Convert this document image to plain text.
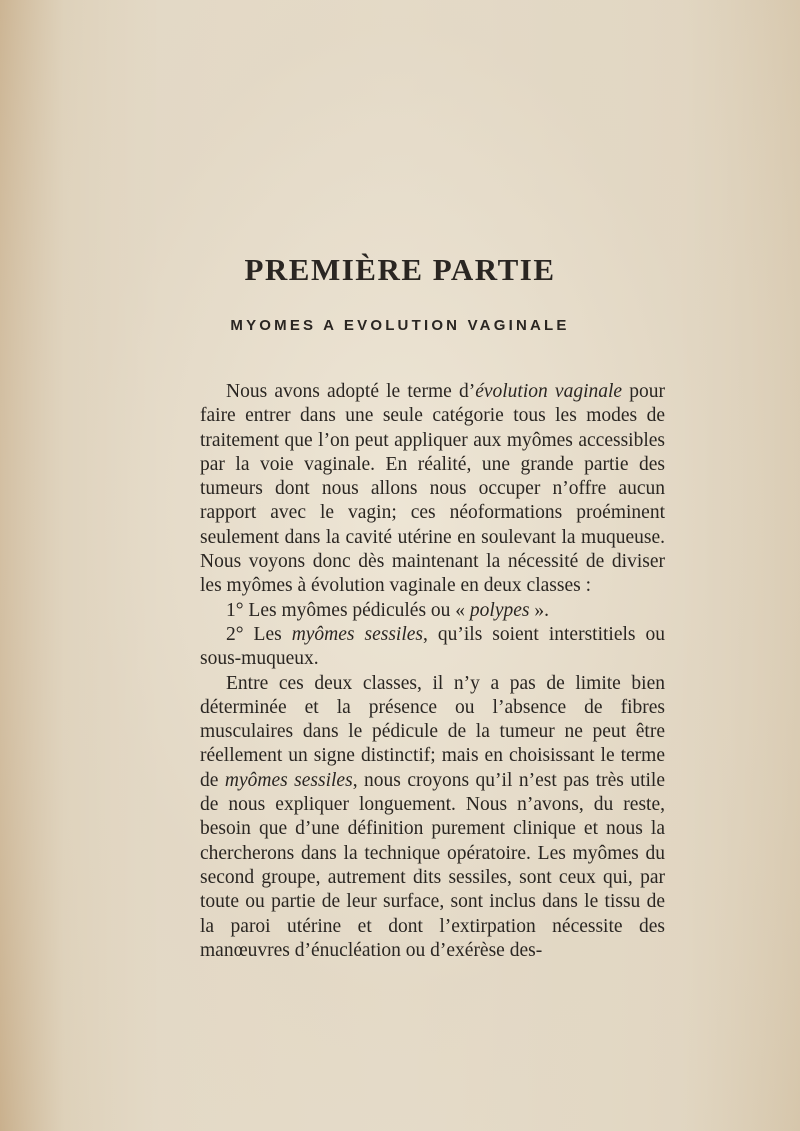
PREMIÈRE PARTIE
MYOMES A EVOLUTION VAGINALE

Nous avons adopté le terme d’évolution vaginale pour faire entrer dans une seule catégorie tous les modes de traitement que l’on peut appliquer aux myômes accessibles par la voie vaginale. En réalité, une grande partie des tumeurs dont nous allons nous occuper n’offre aucun rapport avec le vagin; ces néoformations proéminent seulement dans la cavité utérine en soulevant la muqueuse. Nous voyons donc dès maintenant la nécessité de diviser les myômes à évolution vaginale en deux classes :

1° Les myômes pédiculés ou « polypes ».

2° Les myômes sessiles, qu’ils soient interstitiels ou sous-muqueux.

Entre ces deux classes, il n’y a pas de limite bien déterminée et la présence ou l’absence de fibres musculaires dans le pédicule de la tumeur ne peut être réellement un signe distinctif; mais en choisissant le terme de myômes sessiles, nous croyons qu’il n’est pas très utile de nous expliquer longuement. Nous n’avons, du reste, besoin que d’une définition purement clinique et nous la chercherons dans la technique opératoire. Les myômes du second groupe, autrement dits sessiles, sont ceux qui, par toute ou partie de leur surface, sont inclus dans le tissu de la paroi utérine et dont l’extirpation nécessite des manœuvres d’énucléation ou d’exérèse des-
